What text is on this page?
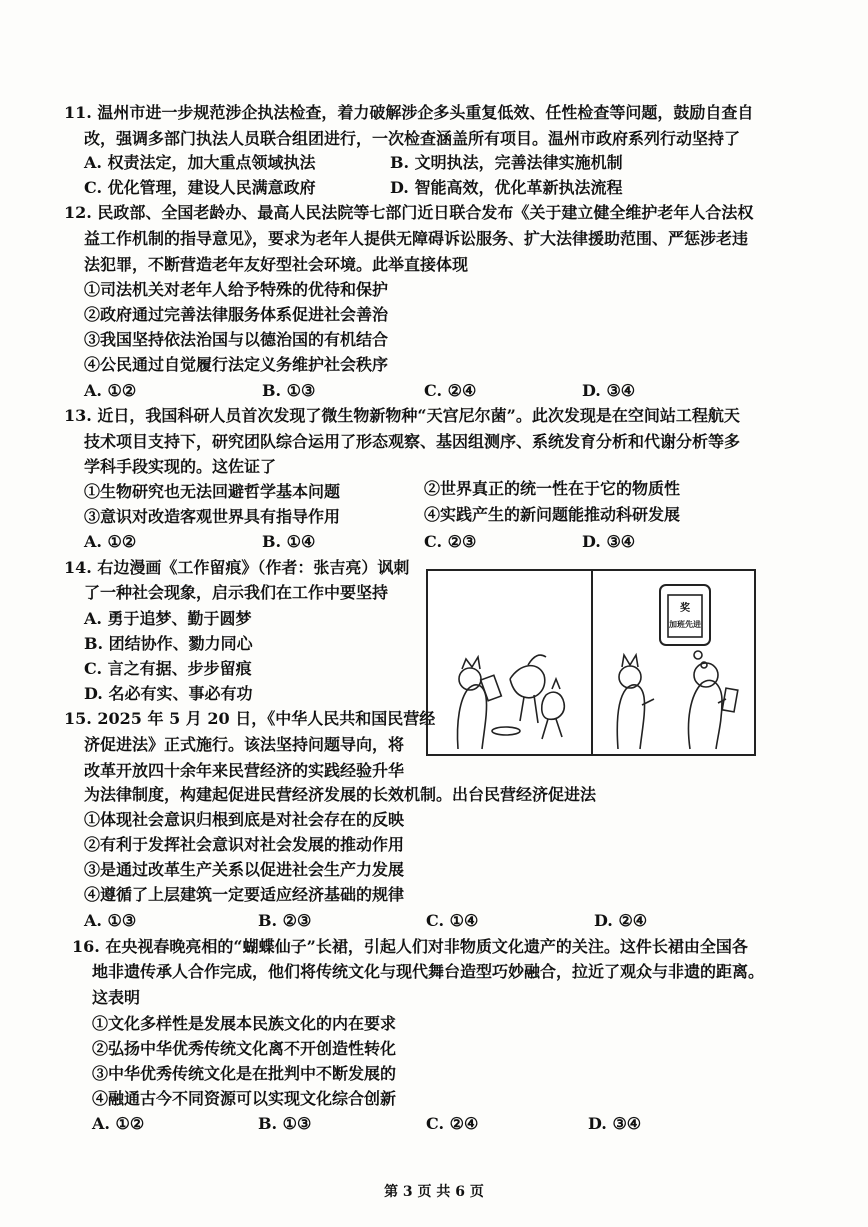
11. 温州市进一步规范涉企执法检查，着力破解涉企多头重复低效、任性检查等问题，鼓励自查自
改，强调多部门执法人员联合组团进行，一次检查涵盖所有项目。温州市政府系列行动坚持了
A. 权责法定，加大重点领域执法	B. 文明执法，完善法律实施机制
C. 优化管理，建设人民满意政府	D. 智能高效，优化革新执法流程
12. 民政部、全国老龄办、最高人民法院等七部门近日联合发布《关于建立健全维护老年人合法权
益工作机制的指导意见》，要求为老年人提供无障碍诉讼服务、扩大法律援助范围、严惩涉老违
法犯罪，不断营造老年友好型社会环境。此举直接体现
①司法机关对老年人给予特殊的优待和保护
②政府通过完善法律服务体系促进社会善治
③我国坚持依法治国与以德治国的有机结合
④公民通过自觉履行法定义务维护社会秩序
A. ①②	B. ①③	C. ②④	D. ③④
13. 近日，我国科研人员首次发现了微生物新物种“天宫尼尔菌”。此次发现是在空间站工程航天
技术项目支持下，研究团队综合运用了形态观察、基因组测序、系统发育分析和代谢分析等多
学科手段实现的。这佐证了
①生物研究也无法回避哲学基本问题	②世界真正的统一性在于它的物质性
③意识对改造客观世界具有指导作用	④实践产生的新问题能推动科研发展
A. ①②	B. ①④	C. ②③	D. ③④
14. 右边漫画《工作留痕》（作者：张吉亮）讽刺
了一种社会现象，启示我们在工作中要坚持
A. 勇于追梦、勤于圆梦
B. 团结协作、勠力同心
C. 言之有据、步步留痕
D. 名必有实、事必有功
奖
加班先进
15. 2025 年 5 月 20 日，《中华人民共和国民营经
济促进法》正式施行。该法坚持问题导向，将
改革开放四十余年来民营经济的实践经验升华
为法律制度，构建起促进民营经济发展的长效机制。出台民营经济促进法
①体现社会意识归根到底是对社会存在的反映
②有利于发挥社会意识对社会发展的推动作用
③是通过改革生产关系以促进社会生产力发展
④遵循了上层建筑一定要适应经济基础的规律
A. ①③	B. ②③	C. ①④	D. ②④
16. 在央视春晚亮相的“蝴蝶仙子”长裙，引起人们对非物质文化遗产的关注。这件长裙由全国各
地非遗传承人合作完成，他们将传统文化与现代舞台造型巧妙融合，拉近了观众与非遗的距离。
这表明
①文化多样性是发展本民族文化的内在要求
②弘扬中华优秀传统文化离不开创造性转化
③中华优秀传统文化是在批判中不断发展的
④融通古今不同资源可以实现文化综合创新
A. ①②	B. ①③	C. ②④	D. ③④
第 3 页 共 6 页
